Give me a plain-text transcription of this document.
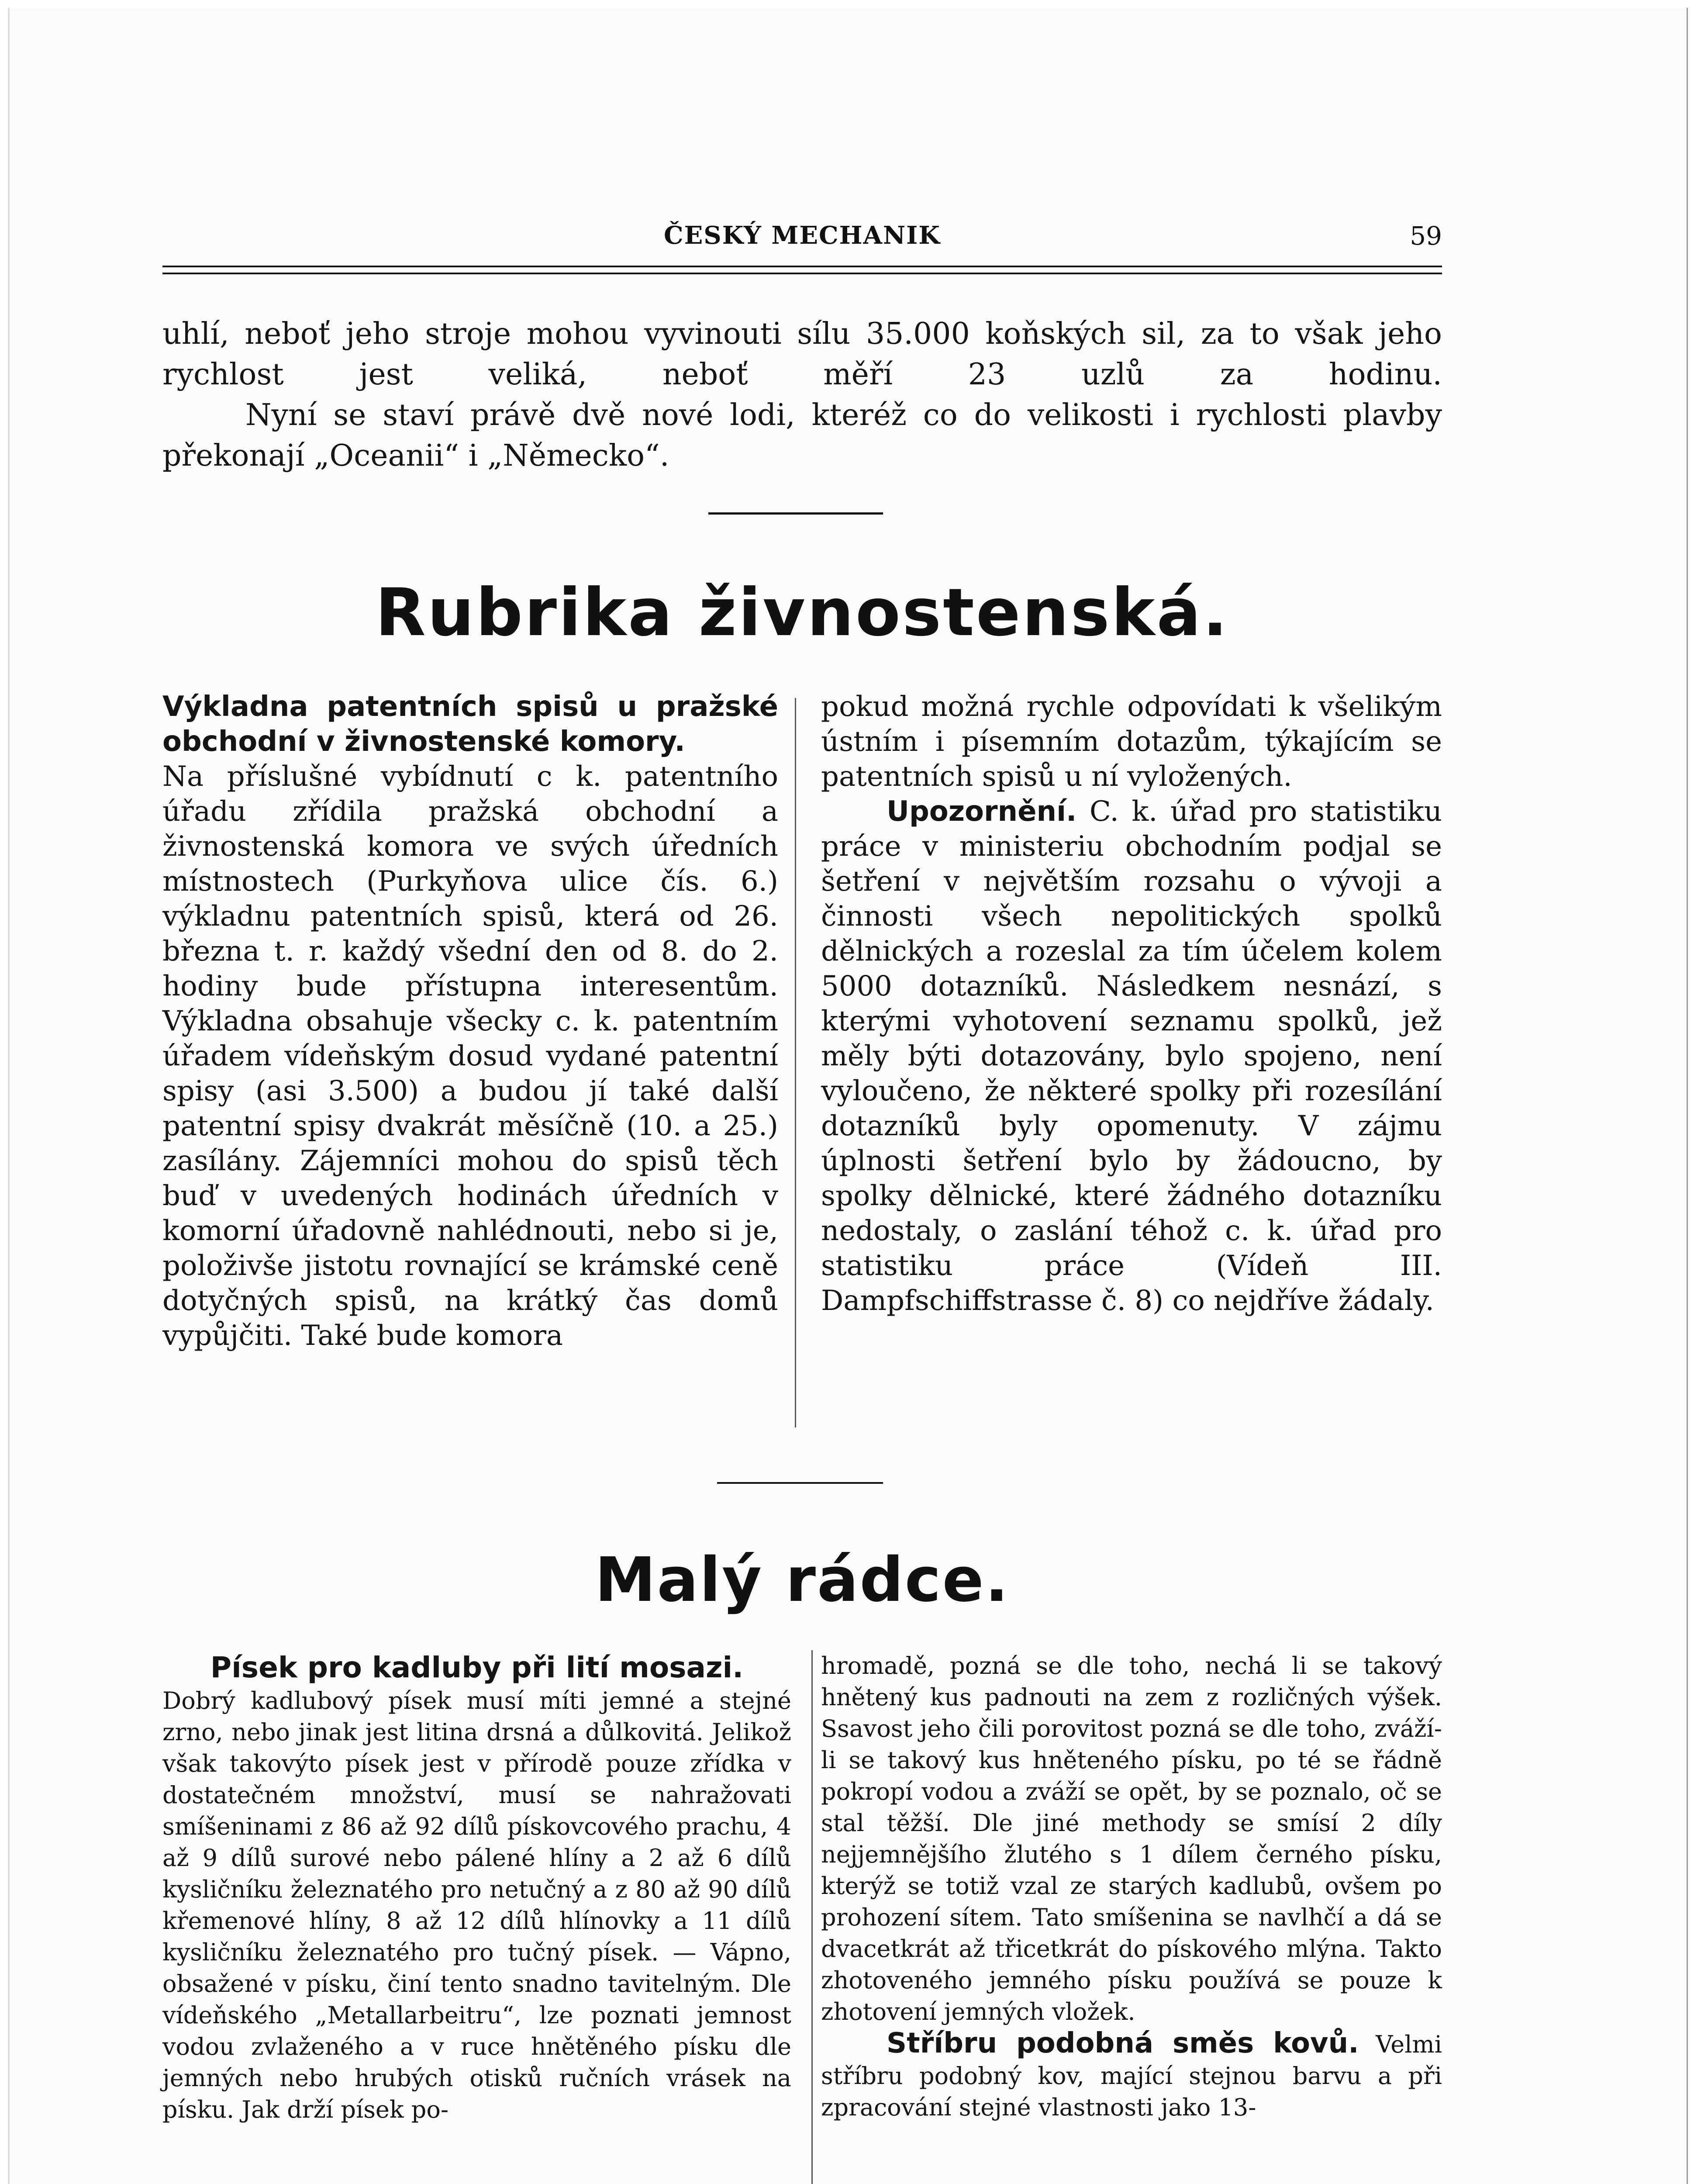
ČESKÝ MECHANIK	59

uhlí, neboť jeho stroje mohou vyvinouti sílu 35.000 koňských sil, za to však jeho rychlost jest veliká, neboť měří 23 uzlů za hodinu.

Nyní se staví právě dvě nové lodi, kteréž co do velikosti i rychlosti plavby překonají „Oceanii“ i „Německo“.

Rubrika živnostenská.

Výkladna patentních spisů u pražské obchodní v živnostenské komory.

Na příslušné vybídnutí c k. patentního úřadu zřídila pražská obchodní a živnostenská komora ve svých úředních místnostech (Purkyňova ulice čís. 6.) výkladnu patentních spisů, která od 26. března t. r. každý všední den od 8. do 2. hodiny bude přístupna interesentům. Výkladna obsahuje všecky c. k. patentním úřadem vídeňským dosud vydané patentní spisy (asi 3.500) a budou jí také další patentní spisy dvakrát měsíčně (10. a 25.) zasílány. Zájemníci mohou do spisů těch buď v uvedených hodinách úředních v komorní úřadovně nahlédnouti, nebo si je, položivše jistotu rovnající se krámské ceně dotyčných spisů, na krátký čas domů vypůjčiti. Také bude komora

pokud možná rychle odpovídati k všelikým ústním i písemním dotazům, týkajícím se patentních spisů u ní vyložených.

Upozornění. C. k. úřad pro statistiku práce v ministeriu obchodním podjal se šetření v největším rozsahu o vývoji a činnosti všech nepolitických spolků dělnických a rozeslal za tím účelem kolem 5000 dotazníků. Následkem nesnází, s kterými vyhotovení seznamu spolků, jež měly býti dotazovány, bylo spojeno, není vyloučeno, že některé spolky při rozesílání dotazníků byly opomenuty. V zájmu úplnosti šetření bylo by žádoucno, by spolky dělnické, které žádného dotazníku nedostaly, o zaslání téhož c. k. úřad pro statistiku práce (Vídeň III. Dampfschiffstrasse č. 8) co nejdříve žádaly.

Malý rádce.

Písek pro kadluby při lití mosazi.

Dobrý kadlubový písek musí míti jemné a stejné zrno, nebo jinak jest litina drsná a důlkovitá. Jelikož však takovýto písek jest v přírodě pouze zřídka v dostatečném množství, musí se nahražovati smíšeninami z 86 až 92 dílů pískovcového prachu, 4 až 9 dílů surové nebo pálené hlíny a 2 až 6 dílů kysličníku železnatého pro netučný a z 80 až 90 dílů křemenové hlíny, 8 až 12 dílů hlínovky a 11 dílů kysličníku železnatého pro tučný písek. — Vápno, obsažené v písku, činí tento snadno tavitelným. Dle vídeňského „Metallarbeitru“, lze poznati jemnost vodou zvlaženého a v ruce hnětěného písku dle jemných nebo hrubých otisků ručních vrásek na písku. Jak drží písek po-

hromadě, pozná se dle toho, nechá li se takový hnětený kus padnouti na zem z rozličných výšek. Ssavost jeho čili porovitost pozná se dle toho, zváží-li se takový kus hněteného písku, po té se řádně pokropí vodou a zváží se opět, by se poznalo, oč se stal těžší. Dle jiné methody se smísí 2 díly nejjemnějšího žlutého s 1 dílem černého písku, kterýž se totiž vzal ze starých kadlubů, ovšem po prohození sítem. Tato smíšenina se navlhčí a dá se dvacetkrát až třicetkrát do pískového mlýna. Takto zhotoveného jemného písku používá se pouze k zhotovení jemných vložek.

Stříbru podobná směs kovů. Velmi stříbru podobný kov, mající stejnou barvu a při zpracování stejné vlastnosti jako 13-
